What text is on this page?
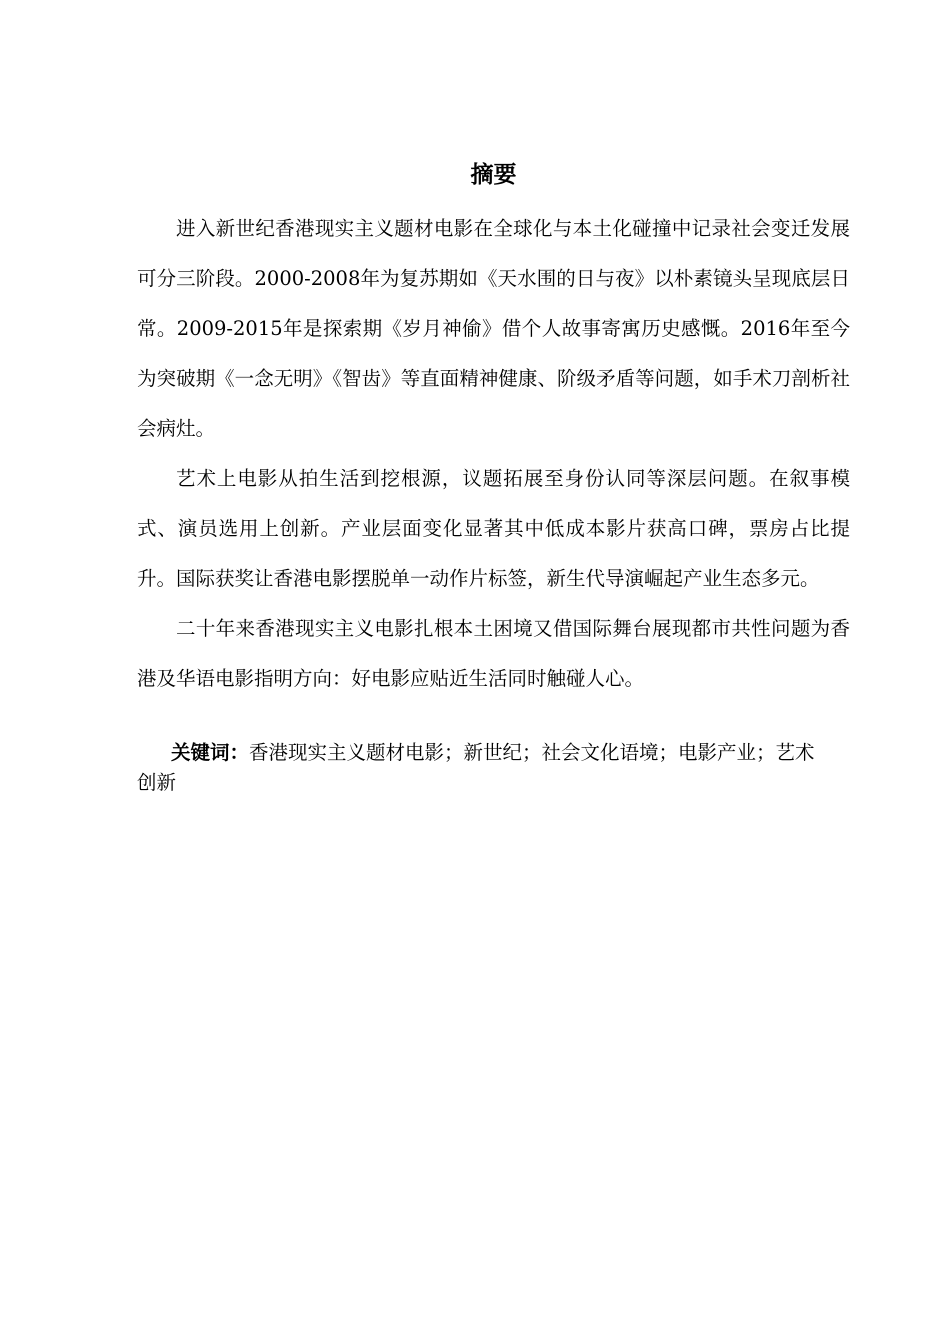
摘要

进入新世纪香港现实主义题材电影在全球化与本土化碰撞中记录社会变迁发展可分三阶段。2000-2008年为复苏期如《天水围的日与夜》以朴素镜头呈现底层日常。2009-2015年是探索期《岁月神偷》借个人故事寄寓历史感慨。2016年至今为突破期《一念无明》《智齿》等直面精神健康、阶级矛盾等问题，如手术刀剖析社会病灶。

艺术上电影从拍生活到挖根源，议题拓展至身份认同等深层问题。在叙事模式、演员选用上创新。产业层面变化显著其中低成本影片获高口碑，票房占比提升。国际获奖让香港电影摆脱单一动作片标签，新生代导演崛起产业生态多元。

二十年来香港现实主义电影扎根本土困境又借国际舞台展现都市共性问题为香港及华语电影指明方向：好电影应贴近生活同时触碰人心。

关键词：香港现实主义题材电影；新世纪；社会文化语境；电影产业；艺术创新
